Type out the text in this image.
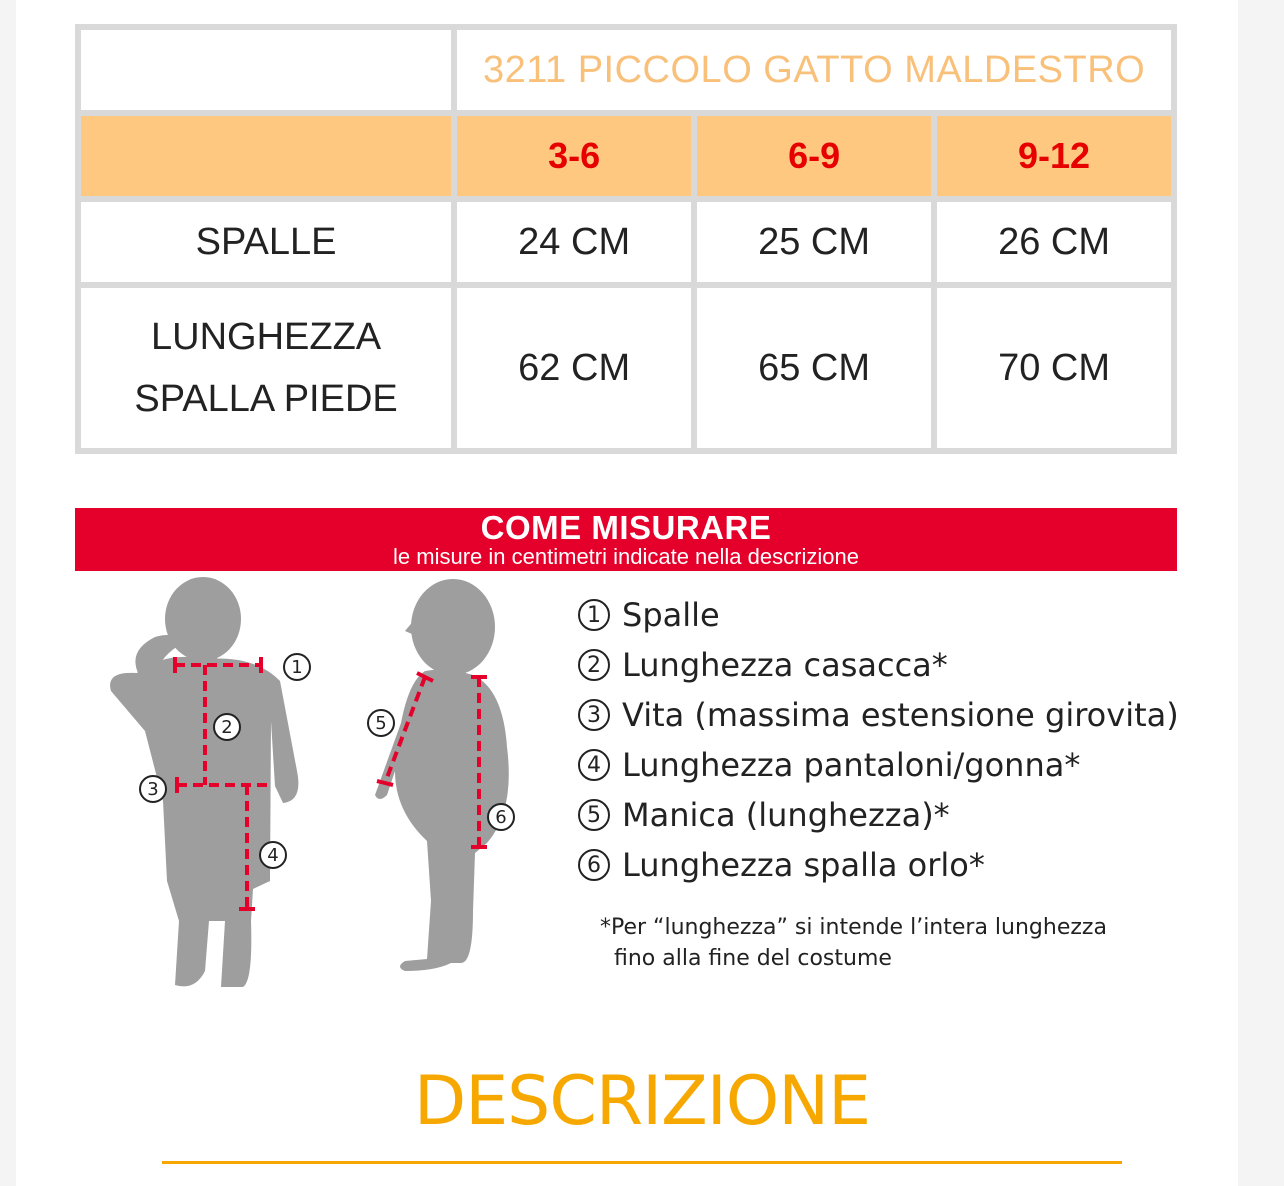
	3211 PICCOLO GATTO MALDESTRO		
	3-6	6-9	9-12
SPALLE	24 CM	25 CM	26 CM

LUNGHEZZA
SPALLA PIEDE	62 CM	65 CM	70 CM
COME MISURARE
le misure in centimetri indicate nella descrizione
1
2
3
4
5
6
1 Spalle
2 Lunghezza casacca*
3 Vita (massima estensione girovita)
4 Lunghezza pantaloni/gonna*
5 Manica (lunghezza)*
6 Lunghezza spalla orlo*
*Per “lunghezza” si intende l’intera lunghezza
fino alla fine del costume
DESCRIZIONE
